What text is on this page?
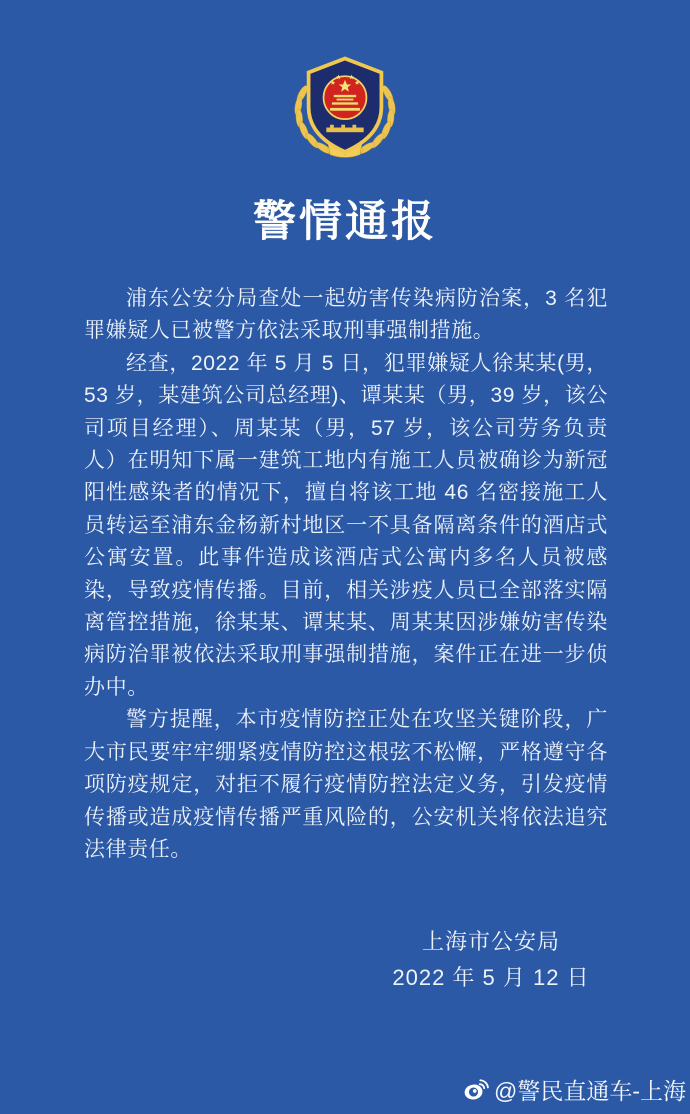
警情通报

浦东公安分局查处一起妨害传染病防治案，3 名犯罪嫌疑人已被警方依法采取刑事强制措施。

经查，2022 年 5 月 5 日，犯罪嫌疑人徐某某(男，53 岁，某建筑公司总经理)、谭某某（男，39 岁，该公司项目经理）、周某某（男，57 岁，该公司劳务负责人）在明知下属一建筑工地内有施工人员被确诊为新冠阳性感染者的情况下，擅自将该工地 46 名密接施工人员转运至浦东金杨新村地区一不具备隔离条件的酒店式公寓安置。此事件造成该酒店式公寓内多名人员被感染，导致疫情传播。目前，相关涉疫人员已全部落实隔离管控措施，徐某某、谭某某、周某某因涉嫌妨害传染病防治罪被依法采取刑事强制措施，案件正在进一步侦办中。

警方提醒，本市疫情防控正处在攻坚关键阶段，广大市民要牢牢绷紧疫情防控这根弦不松懈，严格遵守各项防疫规定，对拒不履行疫情防控法定义务，引发疫情传播或造成疫情传播严重风险的，公安机关将依法追究法律责任。

上海市公安局
2022 年 5 月 12 日
@警民直通车-上海
